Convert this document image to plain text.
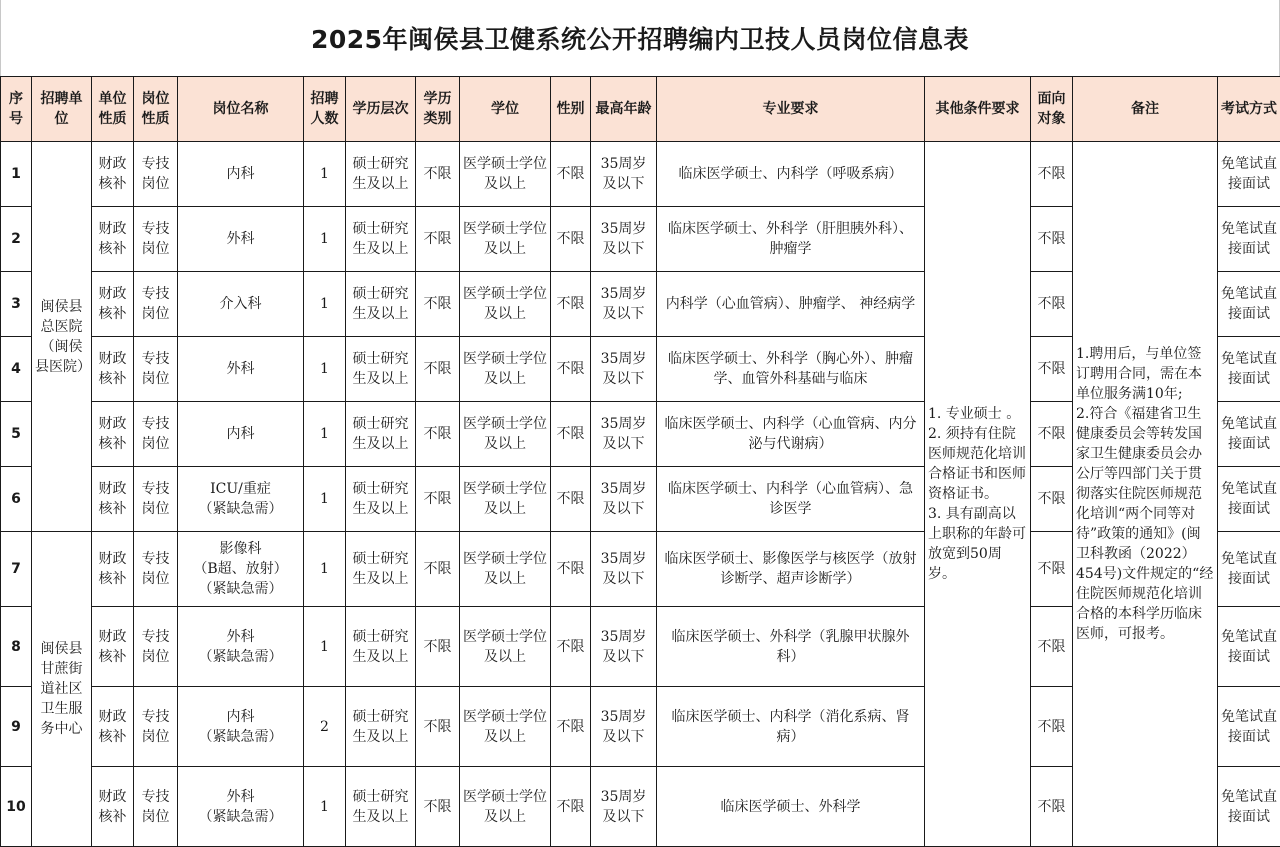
2025年闽侯县卫健系统公开招聘编内卫技人员岗位信息表
序号	招聘单位	单位性质	岗位性质	岗位名称	招聘人数	学历层次	学历类别	学位	性别	最高年龄	专业要求	其他条件要求	面向对象	备注	考试方式
1	闽侯县总医院（闽侯县医院）	财政核补	专技岗位	内科	1	硕士研究生及以上	不限	医学硕士学位及以上	不限	35周岁及以下	临床医学硕士、内科学（呼吸系病）	1. 专业硕士 。
2. 须持有住院医师规范化培训合格证书和医师资格证书。
3. 具有副高以上职称的年龄可放宽到50周岁。	不限	1.聘用后，与单位签订聘用合同，需在本单位服务满10年;
2.符合《福建省卫生健康委员会等转发国家卫生健康委员会办公厅等四部门关于贯彻落实住院医师规范化培训“两个同等对待”政策的通知》(闽卫科教函（2022）454号)文件规定的“经住院医师规范化培训合格的本科学历临床医师，可报考。	免笔试直接面试
2		财政核补	专技岗位	外科	1	硕士研究生及以上	不限	医学硕士学位及以上	不限	35周岁及以下	临床医学硕士、外科学（肝胆胰外科）、肿瘤学		不限		免笔试直接面试
3		财政核补	专技岗位	介入科	1	硕士研究生及以上	不限	医学硕士学位及以上	不限	35周岁及以下	内科学（心血管病）、肿瘤学、 神经病学		不限		免笔试直接面试
4		财政核补	专技岗位	外科	1	硕士研究生及以上	不限	医学硕士学位及以上	不限	35周岁及以下	临床医学硕士、外科学（胸心外）、肿瘤学、血管外科基础与临床		不限		免笔试直接面试
5		财政核补	专技岗位	内科	1	硕士研究生及以上	不限	医学硕士学位及以上	不限	35周岁及以下	临床医学硕士、内科学（心血管病、内分泌与代谢病）		不限		免笔试直接面试
6		财政核补	专技岗位	ICU/重症
（紧缺急需）	1	硕士研究生及以上	不限	医学硕士学位及以上	不限	35周岁及以下	临床医学硕士、内科学（心血管病）、急诊医学		不限		免笔试直接面试
7	闽侯县甘蔗街道社区卫生服务中心	财政核补	专技岗位	影像科
（B超、放射）
（紧缺急需）	1	硕士研究生及以上	不限	医学硕士学位及以上	不限	35周岁及以下	临床医学硕士、影像医学与核医学（放射诊断学、超声诊断学）		不限		免笔试直接面试
8		财政核补	专技岗位	外科
（紧缺急需）	1	硕士研究生及以上	不限	医学硕士学位及以上	不限	35周岁及以下	临床医学硕士、外科学（乳腺甲状腺外科）		不限		免笔试直接面试
9		财政核补	专技岗位	内科
（紧缺急需）	2	硕士研究生及以上	不限	医学硕士学位及以上	不限	35周岁及以下	临床医学硕士、内科学（消化系病、肾病）		不限		免笔试直接面试
10		财政核补	专技岗位	外科
（紧缺急需）	1	硕士研究生及以上	不限	医学硕士学位及以上	不限	35周岁及以下	临床医学硕士、外科学		不限		免笔试直接面试
